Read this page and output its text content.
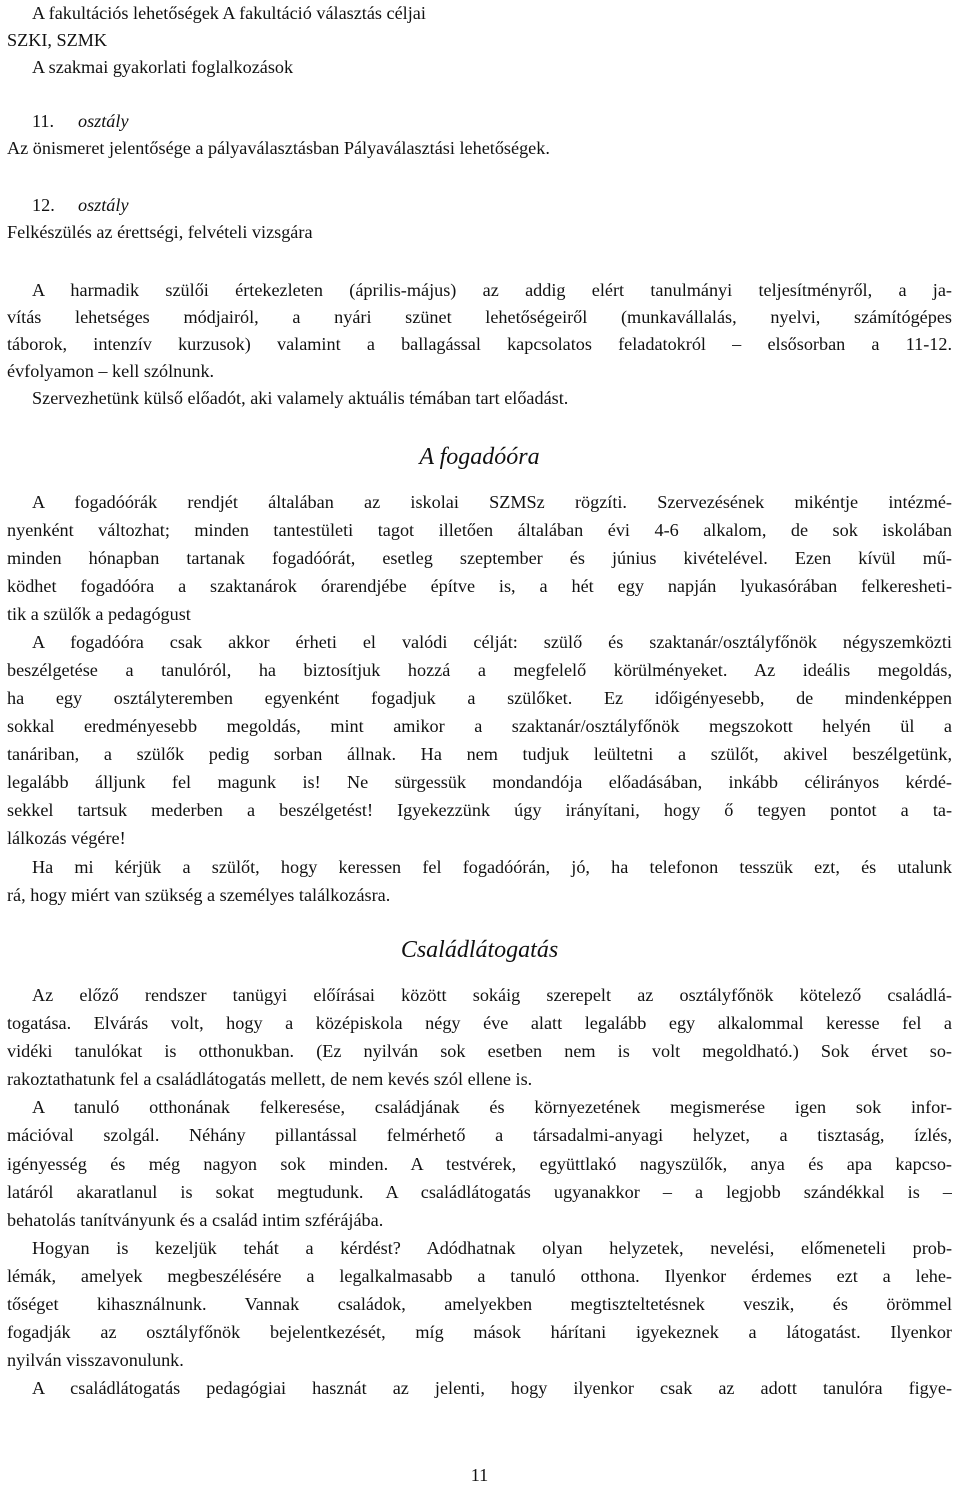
A fakultációs lehetőségek A fakultáció választás céljai
SZKI, SZMK
A szakmai gyakorlati foglalkozások
11. osztály
Az önismeret jelentősége a pályaválasztásban Pályaválasztási lehetőségek.
12. osztály
Felkészülés az érettségi, felvételi vizsgára
A harmadik szülői értekezleten (április-május) az addig elért tanulmányi teljesítményről, a ja-
vítás lehetséges módjairól, a nyári szünet lehetőségeiről (munkavállalás, nyelvi, számítógépes
táborok, intenzív kurzusok) valamint a ballagással kapcsolatos feladatokról – elsősorban a 11-12.
évfolyamon – kell szólnunk.
Szervezhetünk külső előadót, aki valamely aktuális témában tart előadást.
A fogadóóra
A fogadóórák rendjét általában az iskolai SZMSz rögzíti. Szervezésének mikéntje intézmé-
nyenként változhat; minden tantestületi tagot illetően általában évi 4-6 alkalom, de sok iskolában
minden hónapban tartanak fogadóórát, esetleg szeptember és június kivételével. Ezen kívül mű-
ködhet fogadóóra a szaktanárok órarendjébe építve is, a hét egy napján lyukasórában felkeresheti-
tik a szülők a pedagógust
A fogadóóra csak akkor érheti el valódi célját: szülő és szaktanár/osztályfőnök négyszemközti
beszélgetése a tanulóról, ha biztosítjuk hozzá a megfelelő körülményeket. Az ideális megoldás,
ha egy osztályteremben egyenként fogadjuk a szülőket. Ez időigényesebb, de mindenképpen
sokkal eredményesebb megoldás, mint amikor a szaktanár/osztályfőnök megszokott helyén ül a
tanáriban, a szülők pedig sorban állnak. Ha nem tudjuk leültetni a szülőt, akivel beszélgetünk,
legalább álljunk fel magunk is! Ne sürgessük mondandója előadásában, inkább célirányos kérdé-
sekkel tartsuk mederben a beszélgetést! Igyekezzünk úgy irányítani, hogy ő tegyen pontot a ta-
lálkozás végére!
Ha mi kérjük a szülőt, hogy keressen fel fogadóórán, jó, ha telefonon tesszük ezt, és utalunk
rá, hogy miért van szükség a személyes találkozásra.
Családlátogatás
Az előző rendszer tanügyi előírásai között sokáig szerepelt az osztályfőnök kötelező családlá-
togatása. Elvárás volt, hogy a középiskola négy éve alatt legalább egy alkalommal keresse fel a
vidéki tanulókat is otthonukban. (Ez nyilván sok esetben nem is volt megoldható.) Sok érvet so-
rakoztathatunk fel a családlátogatás mellett, de nem kevés szól ellene is.
A tanuló otthonának felkeresése, családjának és környezetének megismerése igen sok infor-
mációval szolgál. Néhány pillantással felmérhető a társadalmi-anyagi helyzet, a tisztaság, ízlés,
igényesség és még nagyon sok minden. A testvérek, együttlakó nagyszülők, anya és apa kapcso-
latáról akaratlanul is sokat megtudunk. A családlátogatás ugyanakkor – a legjobb szándékkal is –
behatolás tanítványunk és a család intim szférájába.
Hogyan is kezeljük tehát a kérdést? Adódhatnak olyan helyzetek, nevelési, előmeneteli prob-
lémák, amelyek megbeszélésére a legalkalmasabb a tanuló otthona. Ilyenkor érdemes ezt a lehe-
tőséget kihasználnunk. Vannak családok, amelyekben megtiszteltetésnek veszik, és örömmel
fogadják az osztályfőnök bejelentkezését, míg mások hárítani igyekeznek a látogatást. Ilyenkor
nyilván visszavonulunk.
A családlátogatás pedagógiai hasznát az jelenti, hogy ilyenkor csak az adott tanulóra figye-
11
